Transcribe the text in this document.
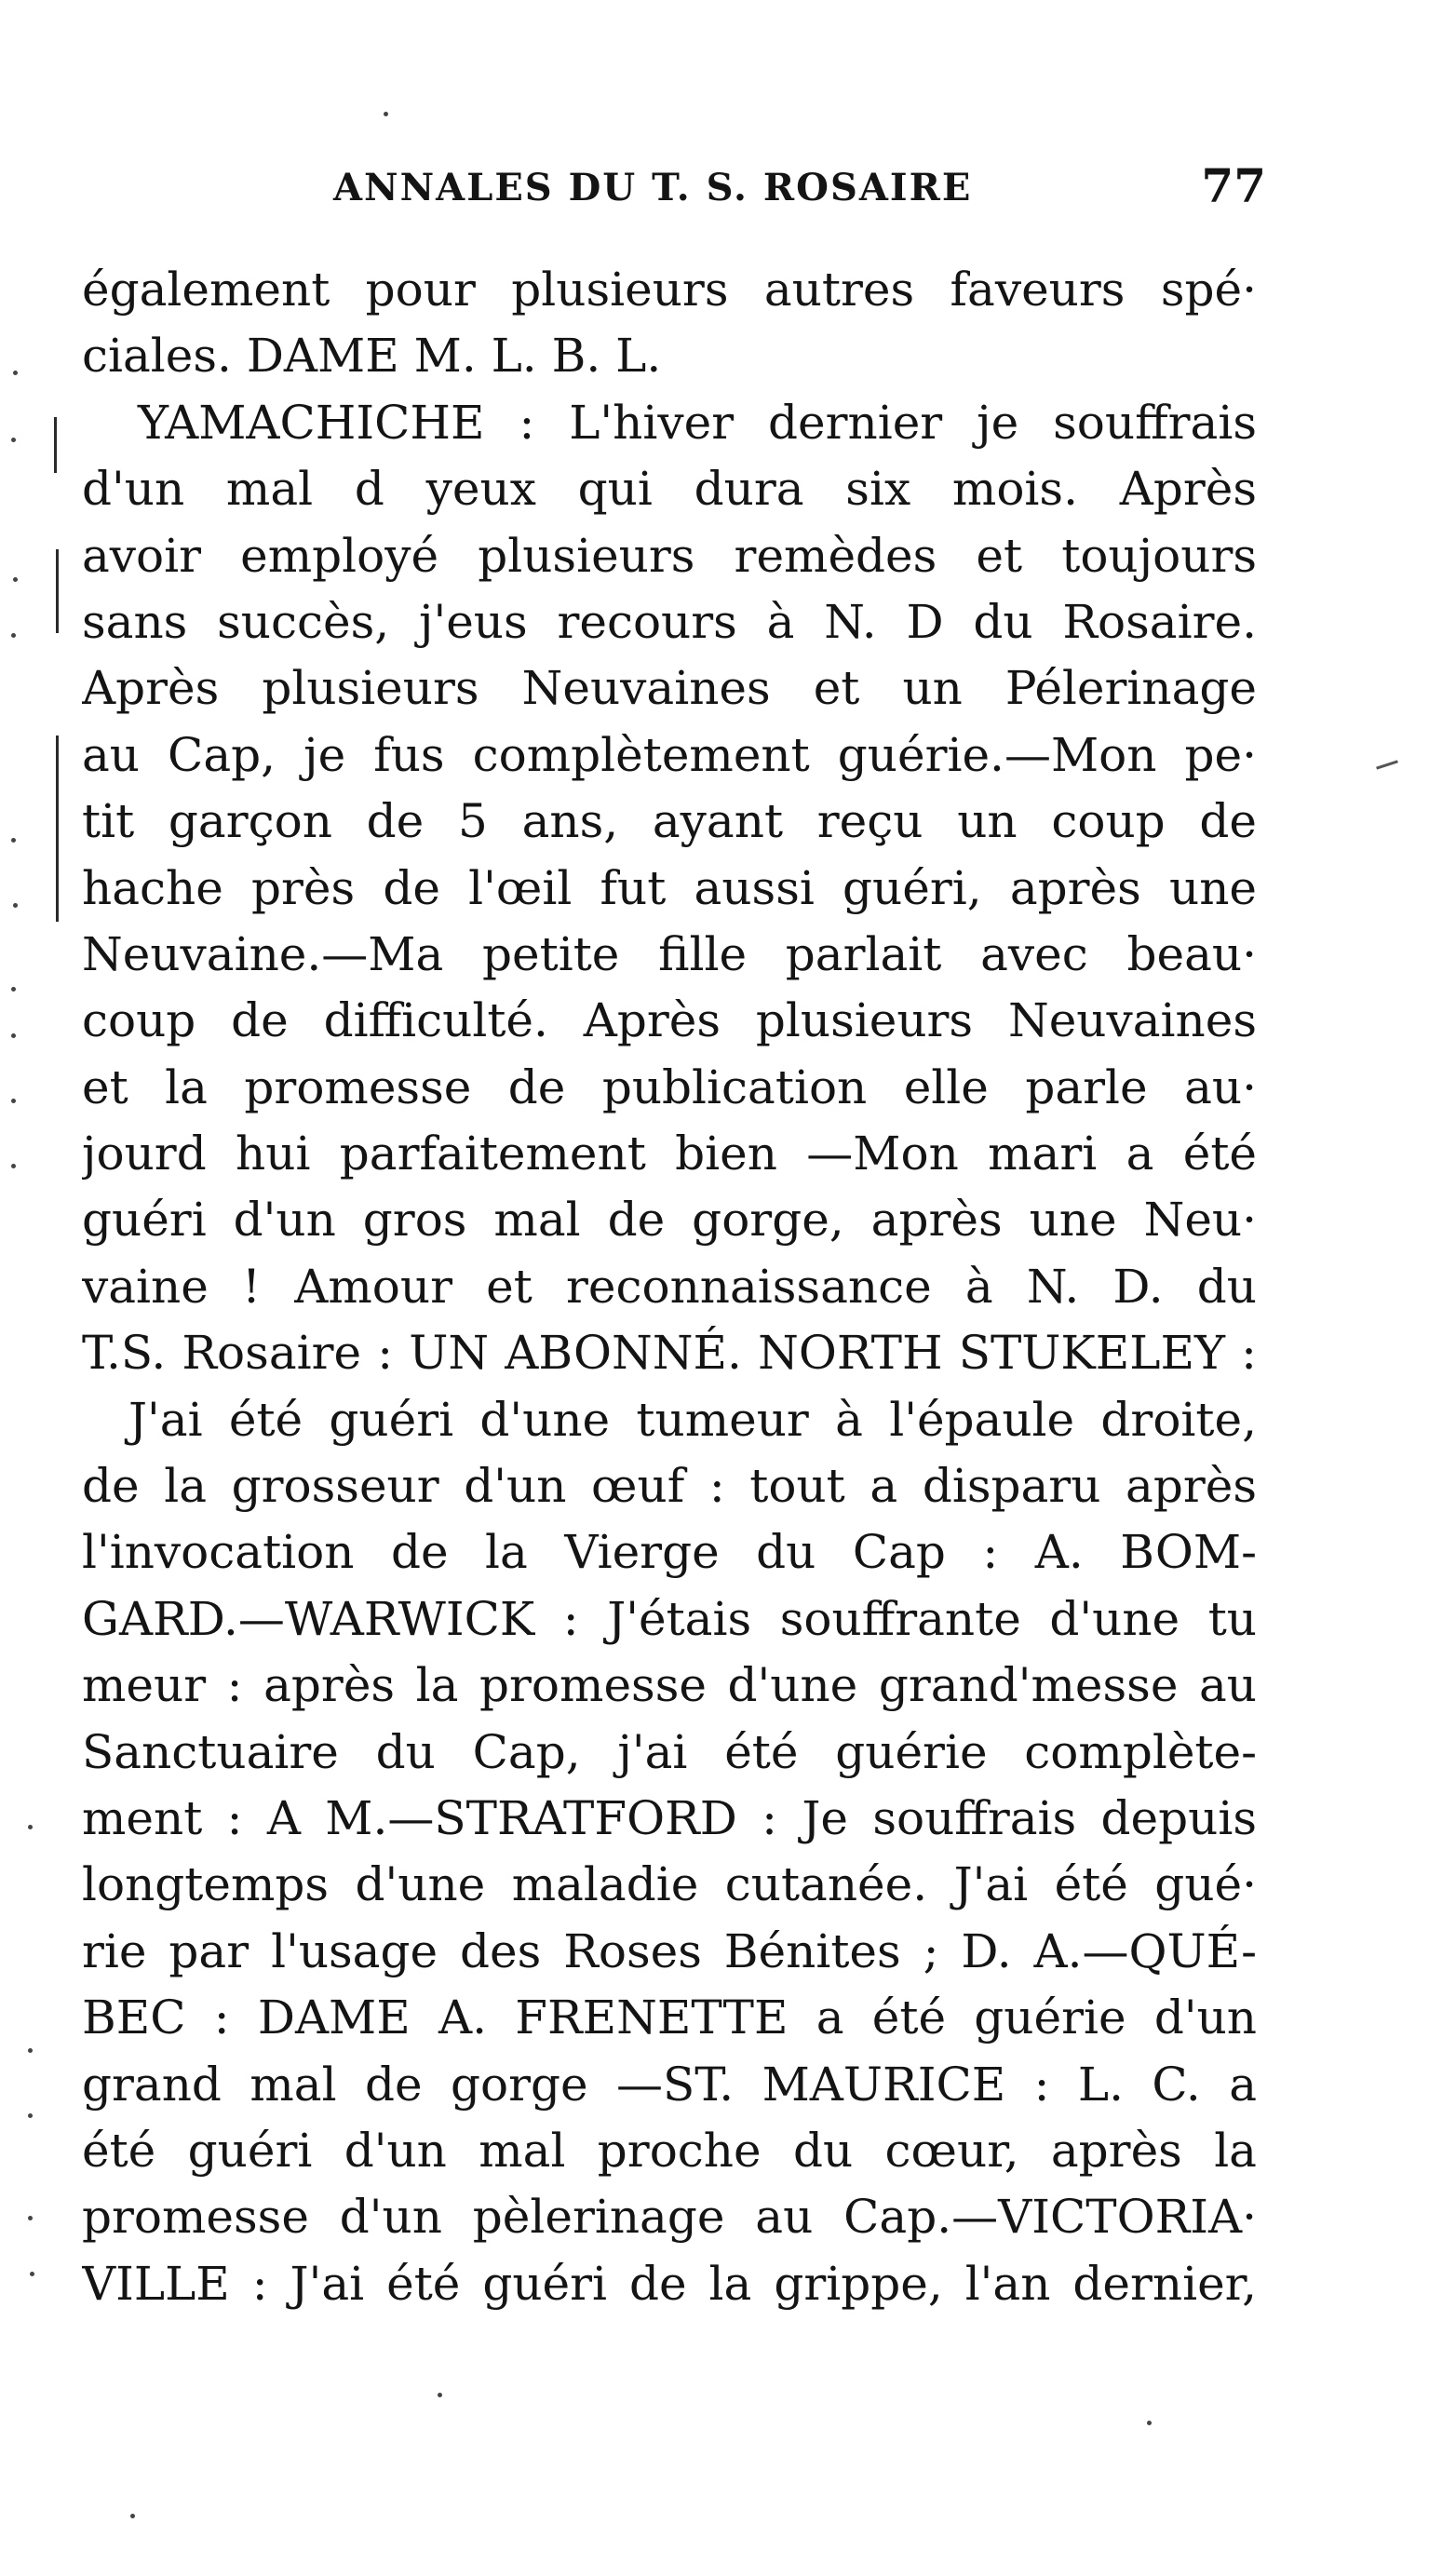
ANNALES DU T. S. ROSAIRE	77
également pour plusieurs autres faveurs spé·
ciales. DAME M. L. B. L.
YAMACHICHE : L'hiver dernier je souffrais
d'un mal d yeux qui dura six mois. Après
avoir employé plusieurs remèdes et toujours
sans succès, j'eus recours à N. D du Rosaire.
Après plusieurs Neuvaines et un Pélerinage
au Cap, je fus complètement guérie.—Mon pe·
tit garçon de 5 ans, ayant reçu un coup de
hache près de l'œil fut aussi guéri, après une
Neuvaine.—Ma petite fille parlait avec beau·
coup de difficulté. Après plusieurs Neuvaines
et la promesse de publication elle parle au·
jourd hui parfaitement bien —Mon mari a été
guéri d'un gros mal de gorge, après une Neu·
vaine ! Amour et reconnaissance à N. D. du
T.S. Rosaire : UN ABONNÉ. NORTH STUKELEY :
J'ai été guéri d'une tumeur à l'épaule droite,
de la grosseur d'un œuf : tout a disparu après
l'invocation de la Vierge du Cap : A. BOM-
GARD.—WARWICK : J'étais souffrante d'une tu
meur : après la promesse d'une grand'messe au
Sanctuaire du Cap, j'ai été guérie complète-
ment : A M.—STRATFORD : Je souffrais depuis
longtemps d'une maladie cutanée. J'ai été gué·
rie par l'usage des Roses Bénites ; D. A.—QUÉ-
BEC : DAME A. FRENETTE a été guérie d'un
grand mal de gorge —ST. MAURICE : L. C. a
été guéri d'un mal proche du cœur, après la
promesse d'un pèlerinage au Cap.—VICTORIA·
VILLE : J'ai été guéri de la grippe, l'an dernier,
